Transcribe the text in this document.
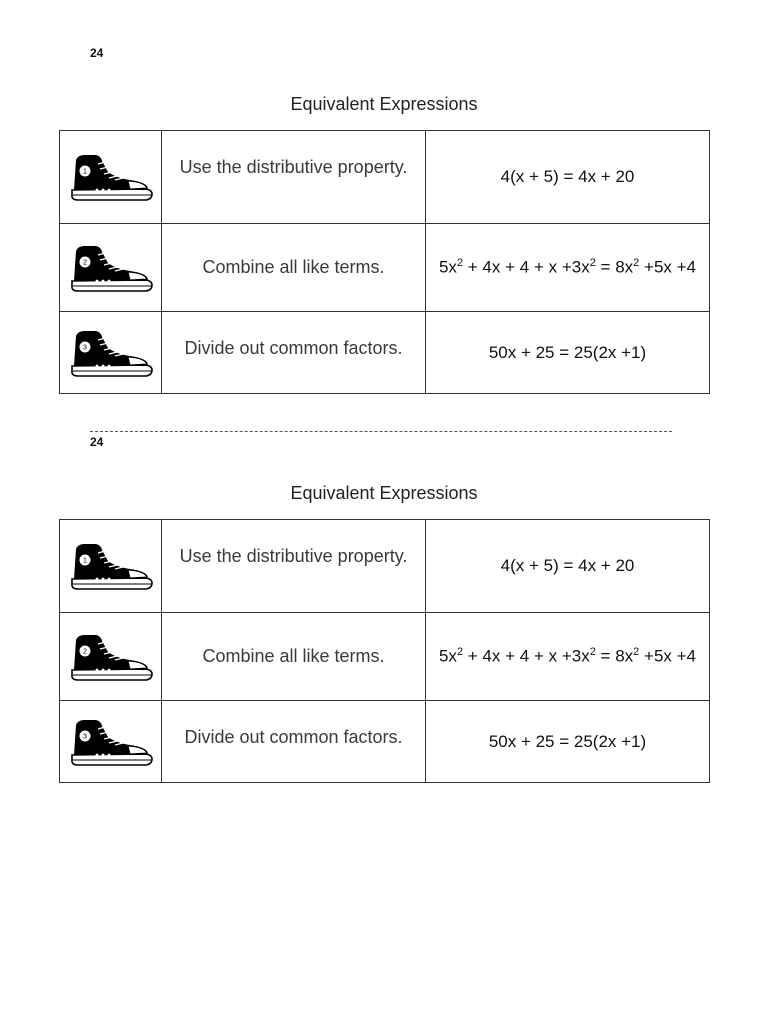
24
Equivalent Expressions
1	Use the distributive property.	4(x + 5) = 4x + 20

2	Combine all like terms.	$5x^2 + 4x + 4 + x +3x^2 = 8x^2 +5x +4$

3	Divide out common factors.	50x + 25 = 25(2x +1)
24
Equivalent Expressions
1	Use the distributive property.	4(x + 5) = 4x + 20

2	Combine all like terms.	$5x^2 + 4x + 4 + x +3x^2 = 8x^2 +5x +4$

3	Divide out common factors.	50x + 25 = 25(2x +1)
